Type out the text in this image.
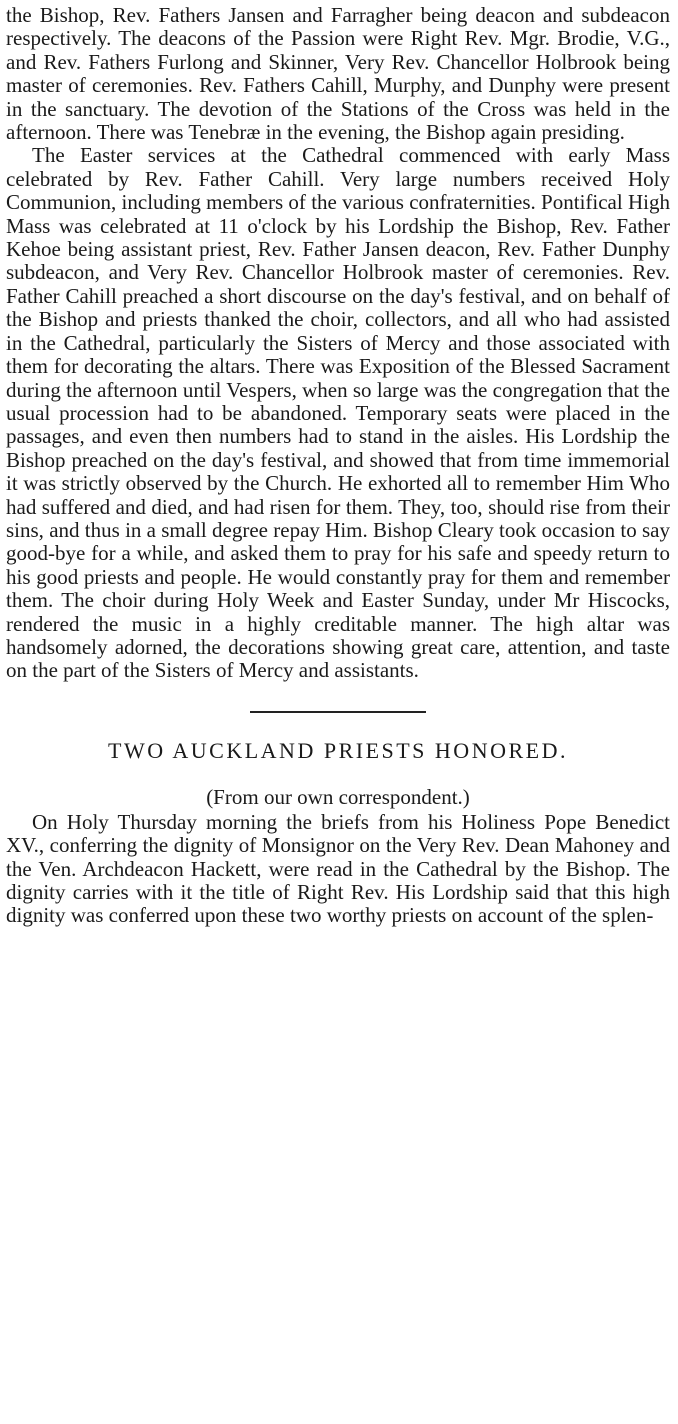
the Bishop, Rev. Fathers Jansen and Farragher being deacon and subdeacon respectively. The deacons of the Passion were Right Rev. Mgr. Brodie, V.G., and Rev. Fathers Furlong and Skinner, Very Rev. Chancellor Holbrook being master of ceremonies. Rev. Fathers Cahill, Murphy, and Dunphy were present in the sanctuary. The devotion of the Stations of the Cross was held in the afternoon. There was Tenebræ in the evening, the Bishop again presiding.

The Easter services at the Cathedral commenced with early Mass celebrated by Rev. Father Cahill. Very large numbers received Holy Communion, including members of the various confraternities. Pontifical High Mass was celebrated at 11 o'clock by his Lordship the Bishop, Rev. Father Kehoe being assistant priest, Rev. Father Jansen deacon, Rev. Father Dunphy subdeacon, and Very Rev. Chancellor Holbrook master of ceremonies. Rev. Father Cahill preached a short discourse on the day's festival, and on behalf of the Bishop and priests thanked the choir, collectors, and all who had assisted in the Cathedral, particularly the Sisters of Mercy and those associated with them for decorating the altars. There was Exposition of the Blessed Sacrament during the afternoon until Vespers, when so large was the congregation that the usual procession had to be abandoned. Temporary seats were placed in the passages, and even then numbers had to stand in the aisles. His Lordship the Bishop preached on the day's festival, and showed that from time immemorial it was strictly observed by the Church. He exhorted all to remember Him Who had suffered and died, and had risen for them. They, too, should rise from their sins, and thus in a small degree repay Him. Bishop Cleary took occasion to say good-bye for a while, and asked them to pray for his safe and speedy return to his good priests and people. He would constantly pray for them and remember them. The choir during Holy Week and Easter Sunday, under Mr Hiscocks, rendered the music in a highly creditable manner. The high altar was handsomely adorned, the decorations showing great care, attention, and taste on the part of the Sisters of Mercy and assistants.

TWO AUCKLAND PRIESTS HONORED.
(From our own correspondent.)

On Holy Thursday morning the briefs from his Holiness Pope Benedict XV., conferring the dignity of Monsignor on the Very Rev. Dean Mahoney and the Ven. Archdeacon Hackett, were read in the Cathedral by the Bishop. The dignity carries with it the title of Right Rev. His Lordship said that this high dignity was conferred upon these two worthy priests on account of the splen-
